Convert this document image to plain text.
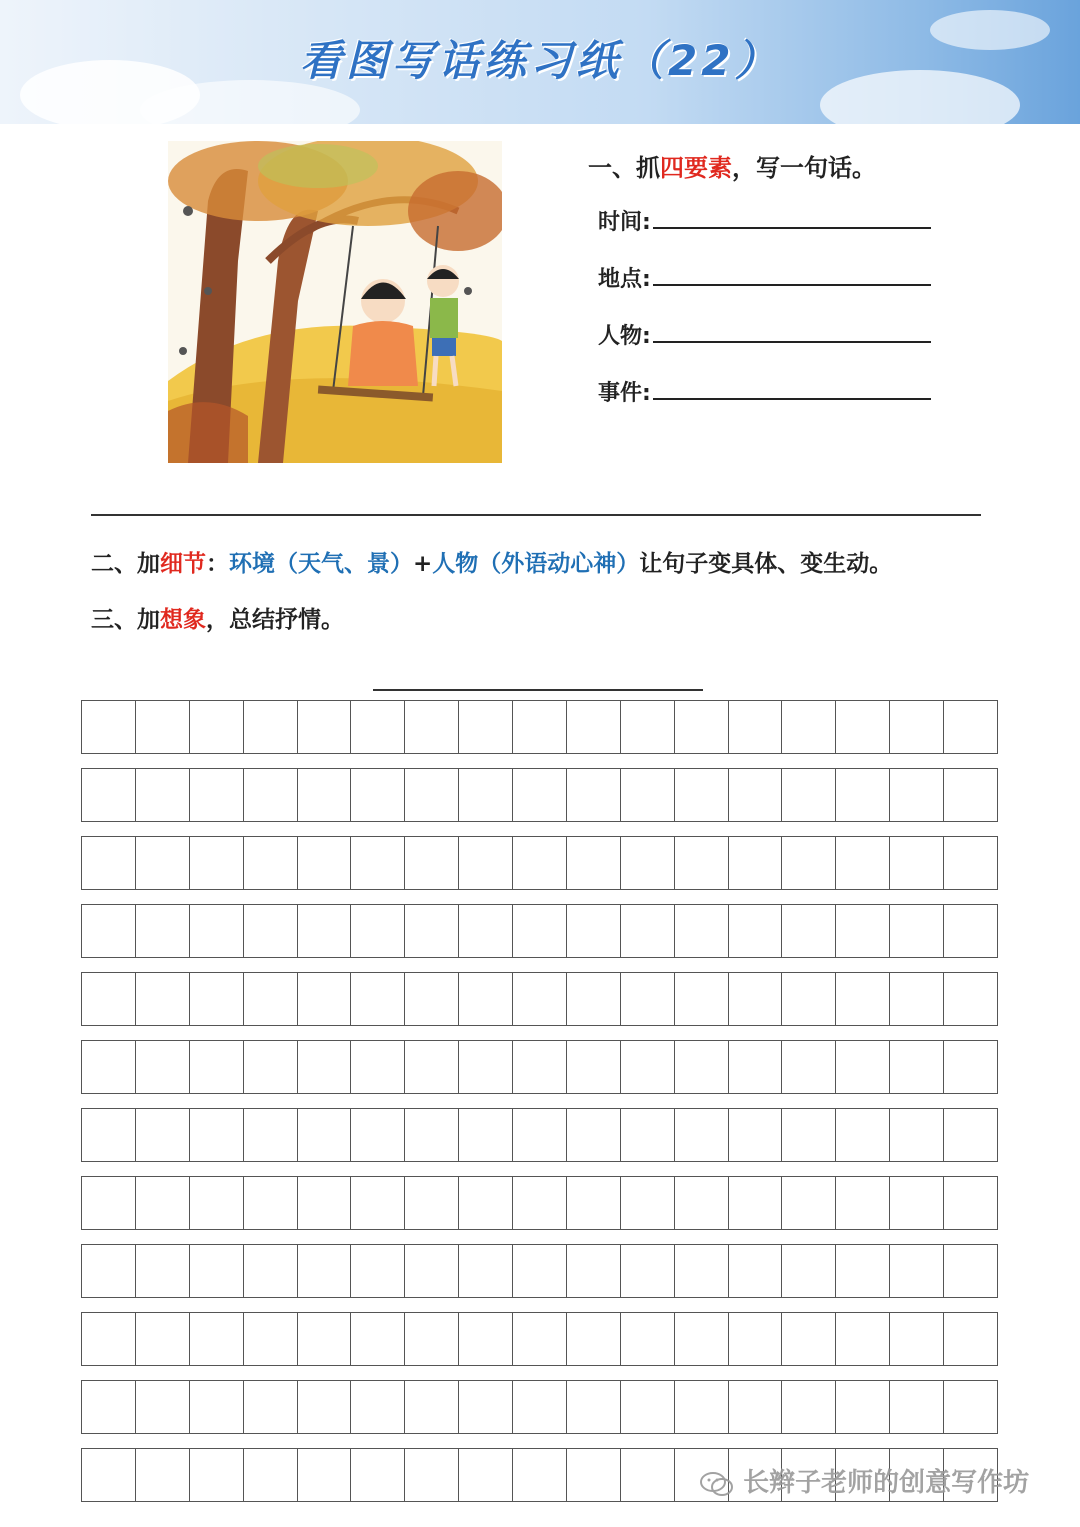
看图写话练习纸（22）
一、抓四要素，写一句话。
时间:
地点:
人物:
事件:
二、加细节：环境（天气、景）+人物（外语动心神）让句子变具体、变生动。
三、加想象，总结抒情。
长辫子老师的创意写作坊
